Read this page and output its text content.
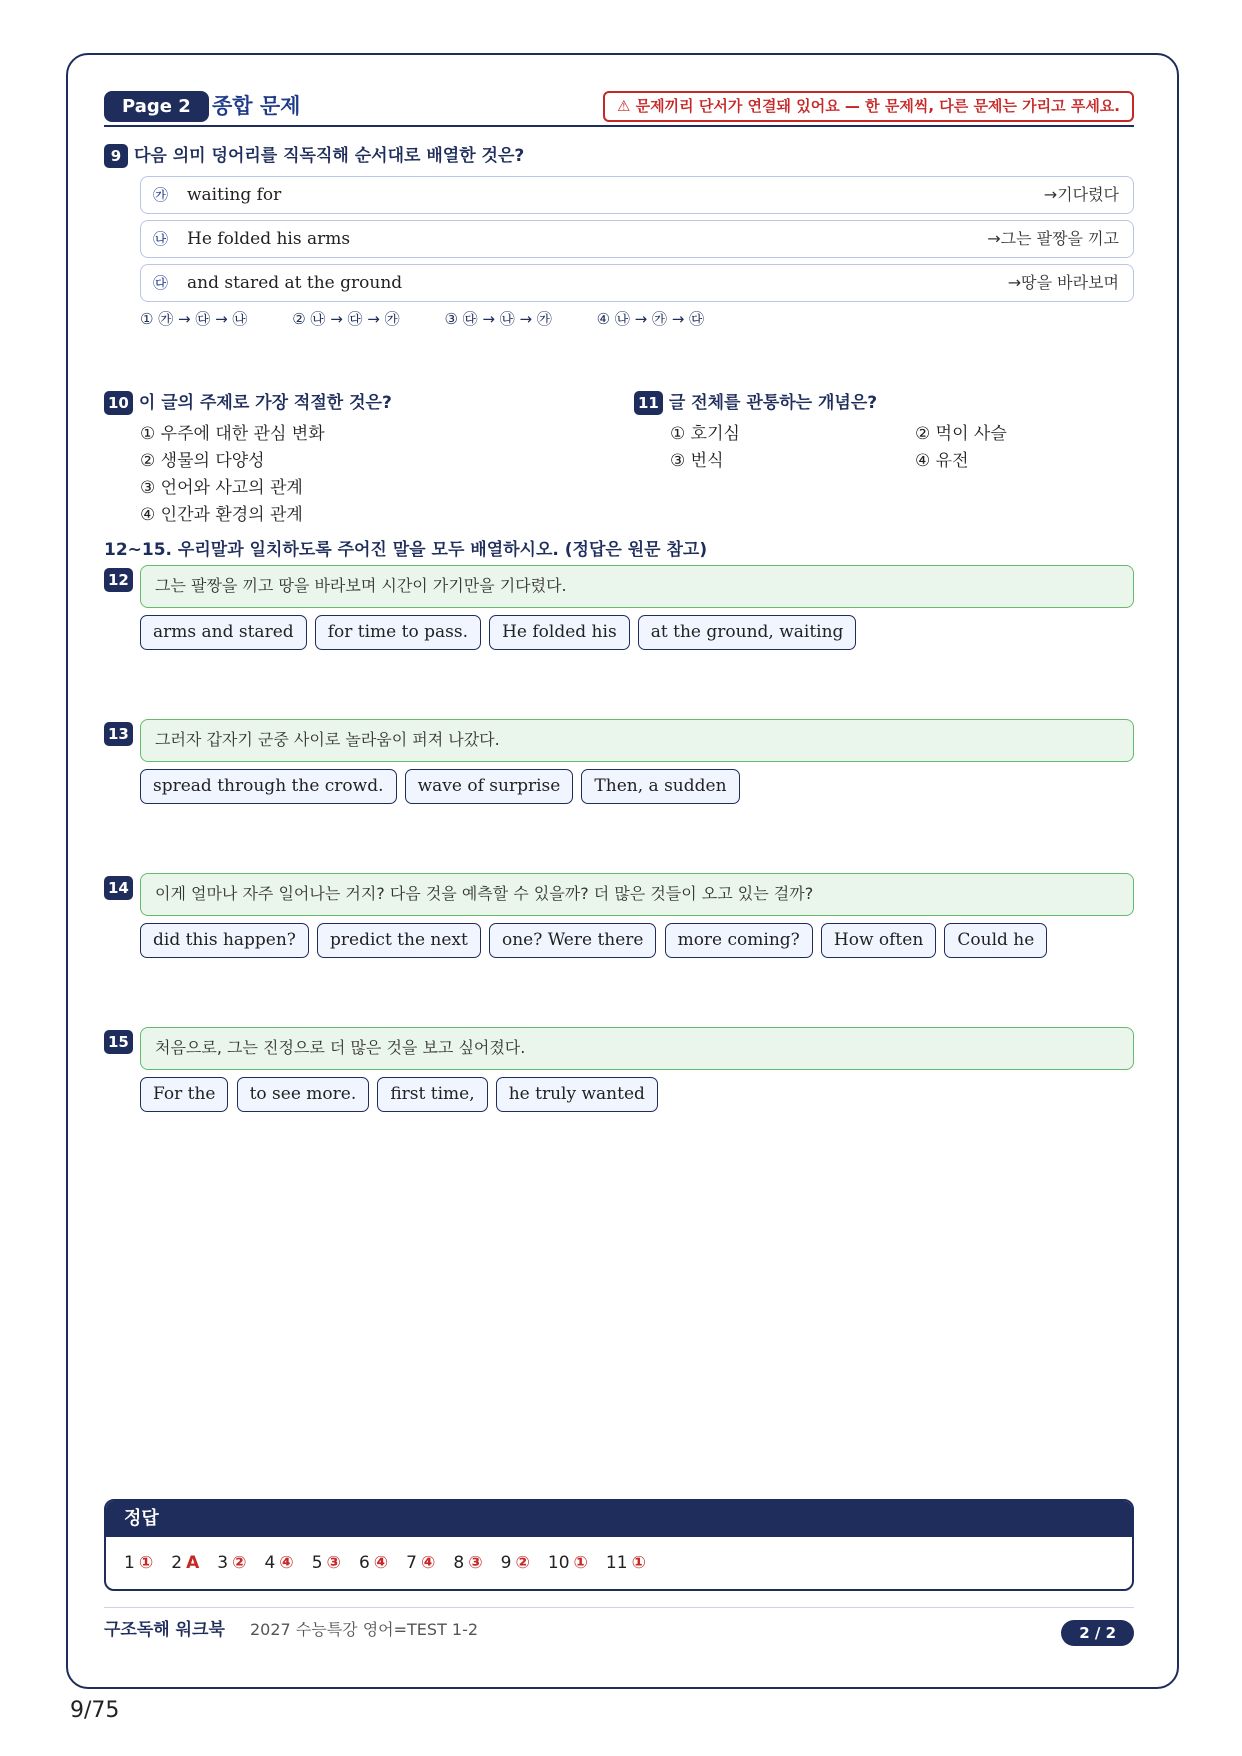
Page 2	종합 문제	⚠ 문제끼리 단서가 연결돼 있어요 — 한 문제씩, 다른 문제는 가리고 푸세요.
9 다음 의미 덩어리를 직독직해 순서대로 배열한 것은?
㉮ waiting for	→기다렸다
㉯ He folded his arms	→그는 팔짱을 끼고
㉰ and stared at the ground	→땅을 바라보며
① ㉮ → ㉰ → ㉯	② ㉯ → ㉰ → ㉮	③ ㉰ → ㉯ → ㉮	④ ㉯ → ㉮ → ㉰
10 이 글의 주제로 가장 적절한 것은?
① 우주에 대한 관심 변화
② 생물의 다양성
③ 언어와 사고의 관계
④ 인간과 환경의 관계
11 글 전체를 관통하는 개념은?
① 호기심	② 먹이 사슬
③ 번식	④ 유전
12~15. 우리말과 일치하도록 주어진 말을 모두 배열하시오. (정답은 원문 참고)
12	그는 팔짱을 끼고 땅을 바라보며 시간이 가기만을 기다렸다.
arms and stared for time to pass. He folded his at the ground, waiting
13	그러자 갑자기 군중 사이로 놀라움이 퍼져 나갔다.
spread through the crowd. wave of surprise Then, a sudden
14	이게 얼마나 자주 일어나는 거지? 다음 것을 예측할 수 있을까? 더 많은 것들이 오고 있는 걸까?
did this happen? predict the next one? Were there more coming? How often Could he
15	처음으로, 그는 진정으로 더 많은 것을 보고 싶어졌다.
For the to see more. first time, he truly wanted
정답
1 ① 2 A 3 ② 4 ④ 5 ③ 6 ④ 7 ④ 8 ③ 9 ② 10 ① 11 ①
구조독해 워크북 2027 수능특강 영어=TEST 1-2	2 / 2
9/75
